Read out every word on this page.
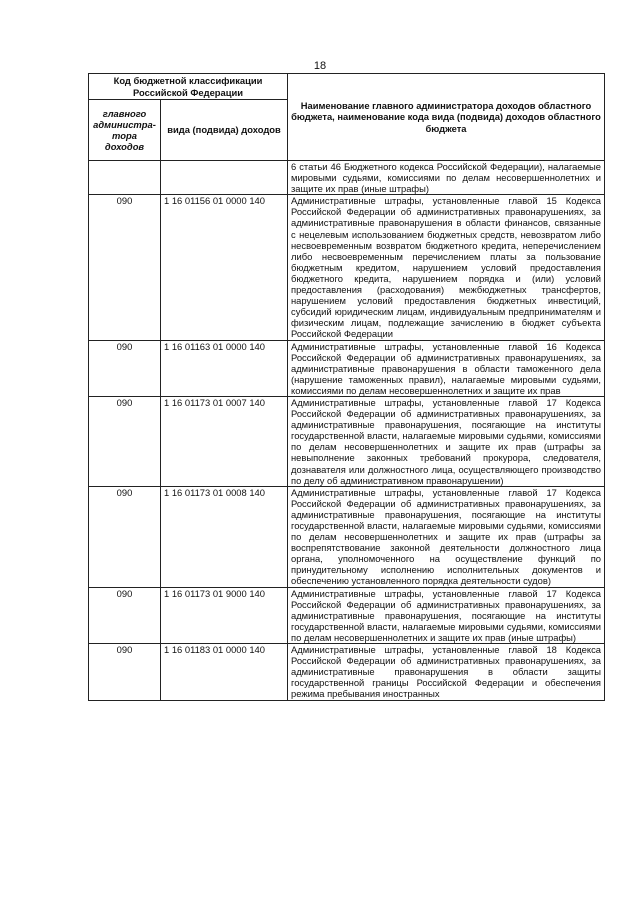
18
Код бюджетной классификации Российской Федерации		Наименование главного администратора доходов областного бюджета, наименование кода вида (подвида) доходов областного бюджета
главного администра-тора доходов	вида (подвида) доходов	
		6 статьи 46 Бюджетного кодекса Российской Федерации), налагаемые мировыми судьями, комиссиями по делам несовершеннолетних и защите их прав (иные штрафы)
090	1 16 01156 01 0000 140	Административные штрафы, установленные главой 15 Кодекса Российской Федерации об административных правонарушениях, за административные правонарушения в области финансов, связанные с нецелевым использованием бюджетных средств, невозвратом либо несвоевременным возвратом бюджетного кредита, неперечислением либо несвоевременным перечислением платы за пользование бюджетным кредитом, нарушением условий предоставления бюджетного кредита, нарушением порядка и (или) условий предоставления (расходования) межбюджетных трансфертов, нарушением условий предоставления бюджетных инвестиций, субсидий юридическим лицам, индивидуальным предпринимателям и физическим лицам, подлежащие зачислению в бюджет субъекта Российской Федерации
090	1 16 01163 01 0000 140	Административные штрафы, установленные главой 16 Кодекса Российской Федерации об административных правонарушениях, за административные правонарушения в области таможенного дела (нарушение таможенных правил), налагаемые мировыми судьями, комиссиями по делам несовершеннолетних и защите их прав
090	1 16 01173 01 0007 140	Административные штрафы, установленные главой 17 Кодекса Российской Федерации об административных правонарушениях, за административные правонарушения, посягающие на институты государственной власти, налагаемые мировыми судьями, комиссиями по делам несовершеннолетних и защите их прав (штрафы за невыполнение законных требований прокурора, следователя, дознавателя или должностного лица, осуществляющего производство по делу об административном правонарушении)
090	1 16 01173 01 0008 140	Административные штрафы, установленные главой 17 Кодекса Российской Федерации об административных правонарушениях, за административные правонарушения, посягающие на институты государственной власти, налагаемые мировыми судьями, комиссиями по делам несовершеннолетних и защите их прав (штрафы за воспрепятствование законной деятельности должностного лица органа, уполномоченного на осуществление функций по принудительному исполнению исполнительных документов и обеспечению установленного порядка деятельности судов)
090	1 16 01173 01 9000 140	Административные штрафы, установленные главой 17 Кодекса Российской Федерации об административных правонарушениях, за административные правонарушения, посягающие на институты государственной власти, налагаемые мировыми судьями, комиссиями по делам несовершеннолетних и защите их прав (иные штрафы)
090	1 16 01183 01 0000 140	Административные штрафы, установленные главой 18 Кодекса Российской Федерации об административных правонарушениях, за административные правонарушения в области защиты государственной границы Российской Федерации и обеспечения режима пребывания иностранных
